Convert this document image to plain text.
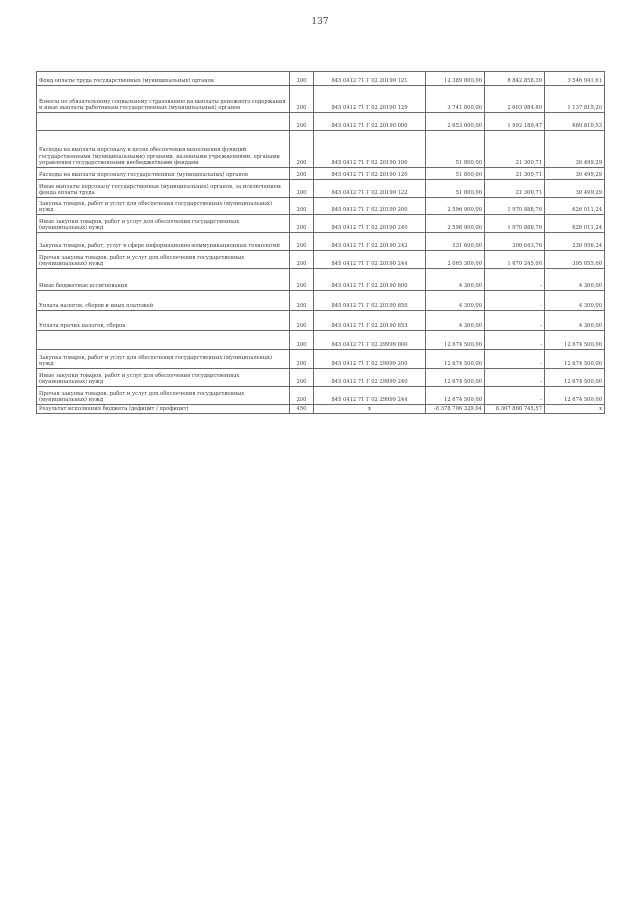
137
Фонд оплаты труда государственных (муниципальных) органов	200	845 0412 71 Г 02 20190 121	12 389 800,00	8 842 858,39	3 546 941,61
Взносы по обязательному социальному страхованию на выплаты денежного содержания и иные выплаты работникам государственных (муниципальных) органов	200	845 0412 71 Г 02 20190 129	3 741 800,00	2 603 984,80	1 137 815,20
	200	845 0412 71 Г 02 20190 000	2 653 000,00	1 992 189,47	660 810,53
Расходы на выплаты персоналу в целях обеспечения выполнения функций государственными (муниципальными) органами, казенными учреждениями, органами управления государственными внебюджетными фондами	200	845 0412 71 Г 02 20190 100	51 800,00	21 300,71	30 499,29
Расходы на выплаты персоналу государственных (муниципальных) органов	200	845 0412 71 Г 02 20190 120	51 800,00	21 300,71	30 499,29
Иные выплаты персоналу государственных (муниципальных) органов, за исключением фонда оплаты труда	200	845 0412 71 Г 02 20190 122	51 800,00	21 300,71	30 499,29
Закупка товаров, работ и услуг для обеспечения государственных (муниципальных) нужд	200	845 0412 71 Г 02 20190 200	2 596 900,00	1 970 888,76	626 011,24
Иные закупки товаров, работ и услуг для обеспечения государственных (муниципальных) нужд	200	845 0412 71 Г 02 20190 240	2 596 900,00	1 970 888,76	626 011,24
Закупка товаров, работ, услуг в сфере информационно-коммуникационных технологий	200	845 0412 71 Г 02 20190 242	531 600,00	300 643,76	230 956,24
Прочая закупка товаров, работ и услуг для обеспечения государственных (муниципальных) нужд	200	845 0412 71 Г 02 20190 244	2 065 300,00	1 670 245,00	395 055,00
Иные бюджетные ассигнования	200	845 0412 71 Г 02 20190 800	4 300,00	-	4 300,00
Уплата налогов, сборов и иных платежей	200	845 0412 71 Г 02 20190 850	4 300,00	-	4 300,00
Уплата прочих налогов, сборов	200	845 0412 71 Г 02 20190 853	4 300,00	-	4 300,00
	200	845 0412 71 Г 02 29999 000	12 674 500,00	-	12 674 500,00
Закупка товаров, работ и услуг для обеспечения государственных (муниципальных) нужд	200	845 0412 71 Г 02 29999 200	12 674 500,00	-	12 674 500,00
Иные закупки товаров, работ и услуг для обеспечения государственных (муниципальных) нужд	200	845 0412 71 Г 02 29999 240	12 674 500,00	-	12 674 500,00
Прочая закупка товаров, работ и услуг для обеспечения государственных (муниципальных) нужд	200	845 0412 71 Г 02 29999 244	12 674 500,00	-	12 674 500,00
Результат исполнения бюджета (дефицит / профицит)	450	x	-8 378 706 329,04	8 307 860 745,57	x
